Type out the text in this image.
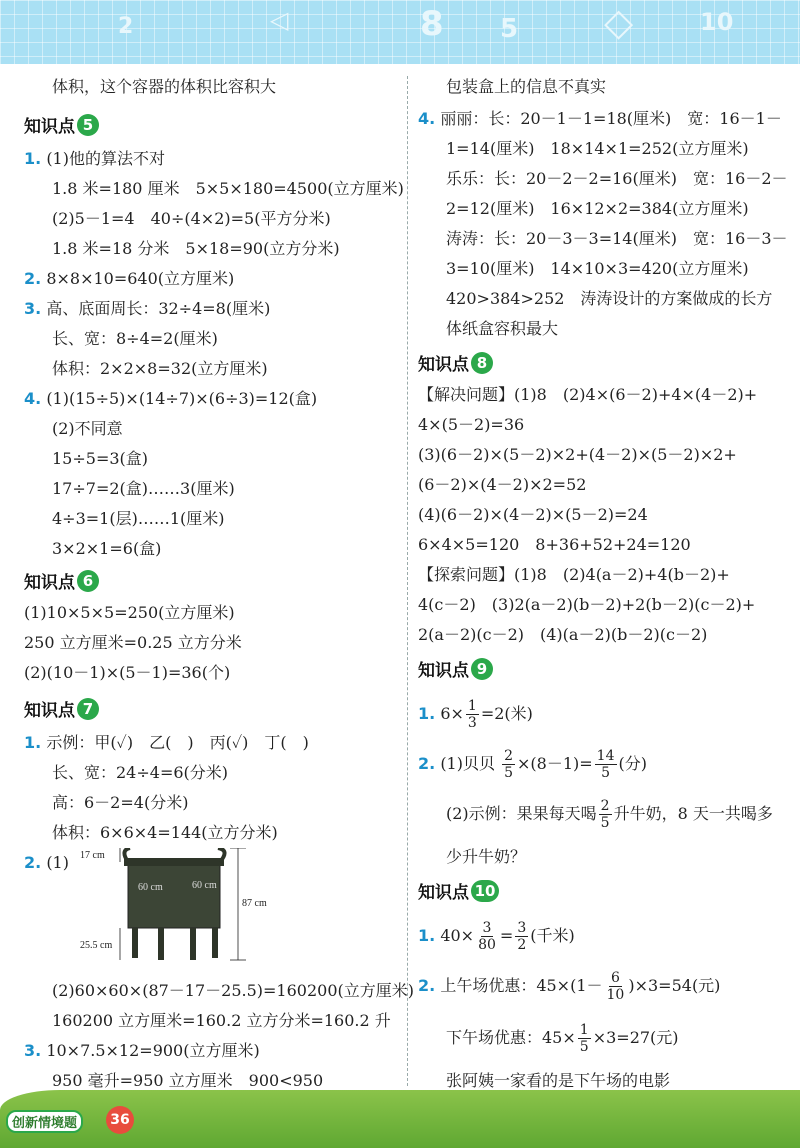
2	◁	8 5 ◇	10
体积，这个容器的体积比容积大
知识点 5
1. (1)他的算法不对
1.8 米=180 厘米　5×5×180=4500(立方厘米)
(2)5－1=4　40÷(4×2)=5(平方分米)
1.8 米=18 分米　5×18=90(立方分米)
2. 8×8×10=640(立方厘米)
3. 高、底面周长：32÷4=8(厘米)
长、宽：8÷4=2(厘米)
体积：2×2×8=32(立方厘米)
4. (1)(15÷5)×(14÷7)×(6÷3)=12(盒)
(2)不同意
15÷5=3(盒)
17÷7=2(盒)……3(厘米)
4÷3=1(层)……1(厘米)
3×2×1=6(盒)
知识点 6
(1)10×5×5=250(立方厘米)
250 立方厘米=0.25 立方分米
(2)(10－1)×(5－1)=36(个)
知识点 7
1. 示例：甲(✓)　乙(　)　丙(✓)　丁(　)
长、宽：24÷4=6(分米)
高：6－2=4(分米)
体积：6×6×4=144(立方分米)
2. (1)
(2)60×60×(87－17－25.5)=160200(立方厘米)
160200 立方厘米=160.2 立方分米=160.2 升
3. 10×7.5×12=900(立方厘米)
950 毫升=950 立方厘米　900<950
17 cm
60 cm	60 cm
87 cm
25.5 cm
包装盒上的信息不真实
4. 丽丽：长：20－1－1=18(厘米)　宽：16－1－
1=14(厘米)　18×14×1=252(立方厘米)
乐乐：长：20－2－2=16(厘米)　宽：16－2－
2=12(厘米)　16×12×2=384(立方厘米)
涛涛：长：20－3－3=14(厘米)　宽：16－3－
3=10(厘米)　14×10×3=420(立方厘米)
420>384>252　涛涛设计的方案做成的长方
体纸盒容积最大
知识点 8
【解决问题】(1)8　(2)4×(6－2)+4×(4－2)+
4×(5－2)=36
(3)(6－2)×(5－2)×2+(4－2)×(5－2)×2+
(6－2)×(4－2)×2=52
(4)(6－2)×(4－2)×(5－2)=24
6×4×5=120　8+36+52+24=120
【探索问题】(1)8　(2)4(a－2)+4(b－2)+
4(c－2)　(3)2(a－2)(b－2)+2(b－2)(c－2)+
2(a－2)(c－2)　(4)(a－2)(b－2)(c－2)
知识点 9
1. $6\times \frac{1}{3} =2$(米)
2. (1)贝贝 $\frac{2}{5} \times(8-1)= \frac{14}{5}$ (分)
(2)示例：果果每天喝 $\frac{2}{5}$ 升牛奶，8 天一共喝多
少升牛奶？
知识点 10
1. $40\times \frac{3}{80} = \frac{3}{2}$ (千米)
2. 上午场优惠：$45\times(1- \frac{6}{10} )\times 3=54$(元)
下午场优惠：$45\times \frac{1}{5} \times 3=27$(元)
张阿姨一家看的是下午场的电影
创新情境题	36
